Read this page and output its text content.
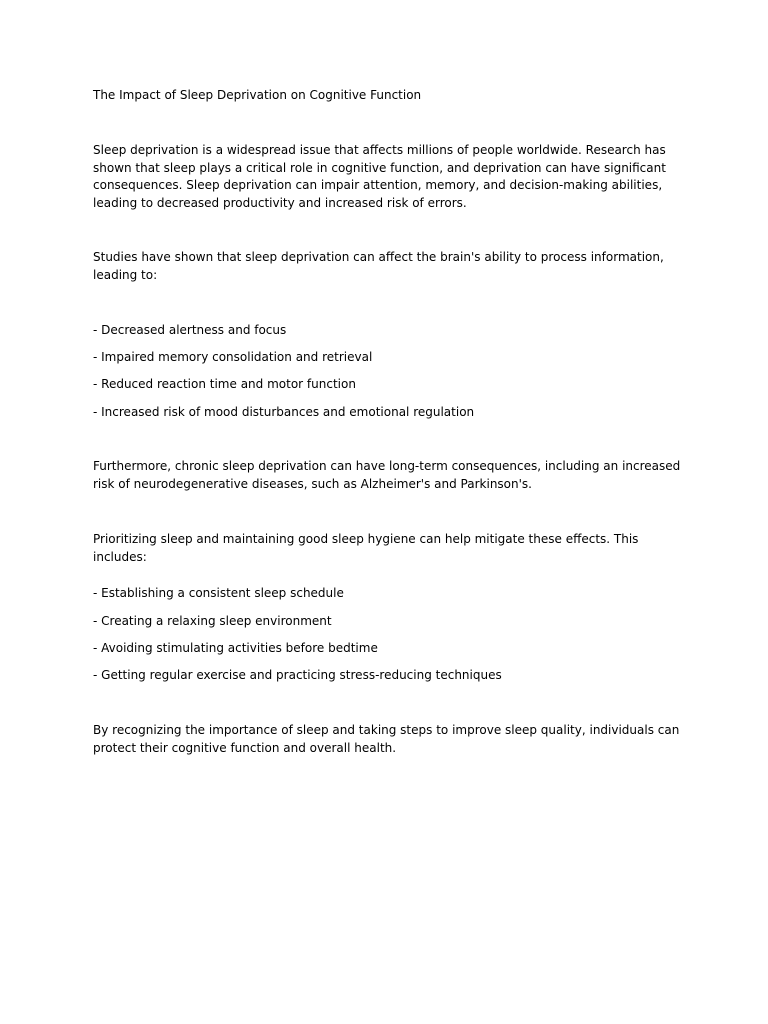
The Impact of Sleep Deprivation on Cognitive Function
Sleep deprivation is a widespread issue that affects millions of people worldwide. Research has shown that sleep plays a critical role in cognitive function, and deprivation can have significant consequences. Sleep deprivation can impair attention, memory, and decision-making abilities, leading to decreased productivity and increased risk of errors.
Studies have shown that sleep deprivation can affect the brain's ability to process information, leading to:
- Decreased alertness and focus
- Impaired memory consolidation and retrieval
- Reduced reaction time and motor function
- Increased risk of mood disturbances and emotional regulation
Furthermore, chronic sleep deprivation can have long-term consequences, including an increased risk of neurodegenerative diseases, such as Alzheimer's and Parkinson's.
Prioritizing sleep and maintaining good sleep hygiene can help mitigate these effects. This includes:
- Establishing a consistent sleep schedule
- Creating a relaxing sleep environment
- Avoiding stimulating activities before bedtime
- Getting regular exercise and practicing stress-reducing techniques
By recognizing the importance of sleep and taking steps to improve sleep quality, individuals can protect their cognitive function and overall health.
